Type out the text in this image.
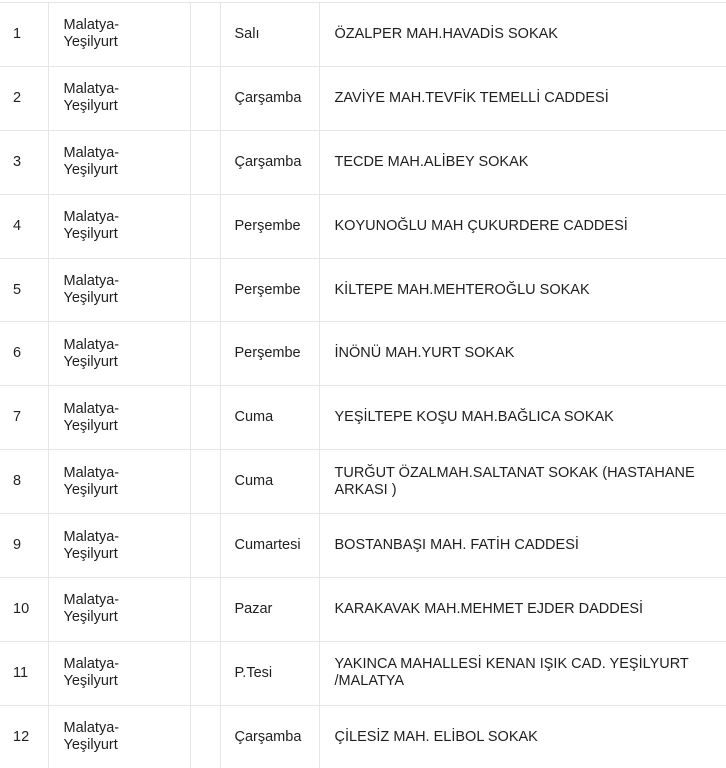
1	Malatya-
Yeşilyurt		Salı	ÖZALPER MAH.HAVADİS SOKAK
2	Malatya-
Yeşilyurt		Çarşamba	ZAVİYE MAH.TEVFİK TEMELLİ CADDESİ
3	Malatya-
Yeşilyurt		Çarşamba	TECDE MAH.ALİBEY SOKAK
4	Malatya-
Yeşilyurt		Perşembe	KOYUNOĞLU MAH ÇUKURDERE CADDESİ
5	Malatya-
Yeşilyurt		Perşembe	KİLTEPE MAH.MEHTEROĞLU SOKAK
6	Malatya-
Yeşilyurt		Perşembe	İNÖNÜ MAH.YURT SOKAK
7	Malatya-
Yeşilyurt		Cuma	YEŞİLTEPE KOŞU MAH.BAĞLICA SOKAK
8	Malatya-
Yeşilyurt		Cuma	TURĞUT ÖZALMAH.SALTANAT SOKAK (HASTAHANE ARKASI )
9	Malatya-
Yeşilyurt		Cumartesi	BOSTANBAŞI MAH. FATİH CADDESİ
10	Malatya-
Yeşilyurt		Pazar	KARAKAVAK MAH.MEHMET EJDER DADDESİ
11	Malatya-
Yeşilyurt		P.Tesi	YAKINCA MAHALLESİ KENAN IŞIK CAD. YEŞİLYURT /MALATYA
12	Malatya-
Yeşilyurt		Çarşamba	ÇİLESİZ MAH. ELİBOL SOKAK
